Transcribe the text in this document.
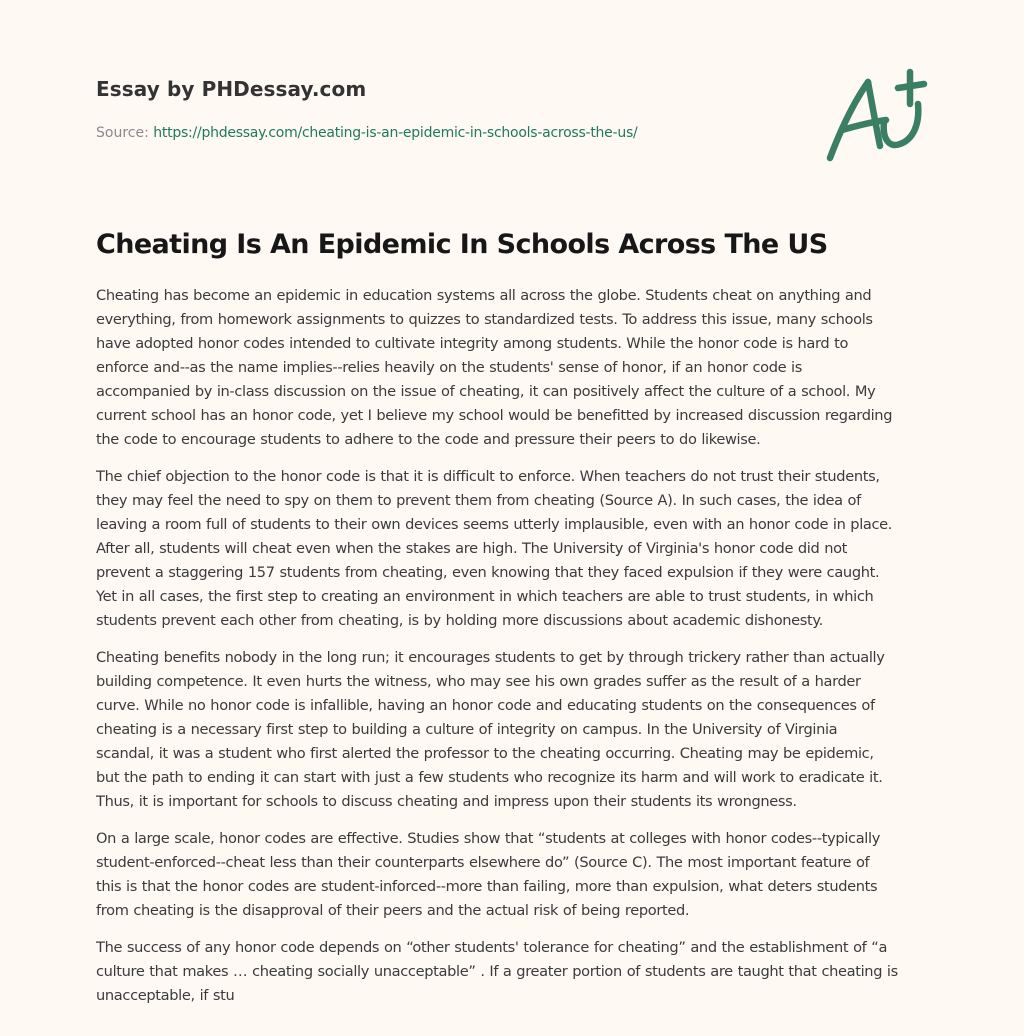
Essay by PHDessay.com
Source: https://phdessay.com/cheating-is-an-epidemic-in-schools-across-the-us/
Cheating Is An Epidemic In Schools Across The US

Cheating has become an epidemic in education systems all across the globe. Students cheat on anything and
everything, from homework assignments to quizzes to standardized tests. To address this issue, many schools
have adopted honor codes intended to cultivate integrity among students. While the honor code is hard to
enforce and--as the name implies--relies heavily on the students' sense of honor, if an honor code is
accompanied by in-class discussion on the issue of cheating, it can positively affect the culture of a school. My
current school has an honor code, yet I believe my school would be benefitted by increased discussion regarding
the code to encourage students to adhere to the code and pressure their peers to do likewise.

The chief objection to the honor code is that it is difficult to enforce. When teachers do not trust their students,
they may feel the need to spy on them to prevent them from cheating (Source A). In such cases, the idea of
leaving a room full of students to their own devices seems utterly implausible, even with an honor code in place.
After all, students will cheat even when the stakes are high. The University of Virginia's honor code did not
prevent a staggering 157 students from cheating, even knowing that they faced expulsion if they were caught.
Yet in all cases, the first step to creating an environment in which teachers are able to trust students, in which
students prevent each other from cheating, is by holding more discussions about academic dishonesty.

Cheating benefits nobody in the long run; it encourages students to get by through trickery rather than actually
building competence. It even hurts the witness, who may see his own grades suffer as the result of a harder
curve. While no honor code is infallible, having an honor code and educating students on the consequences of
cheating is a necessary first step to building a culture of integrity on campus. In the University of Virginia
scandal, it was a student who first alerted the professor to the cheating occurring. Cheating may be epidemic,
but the path to ending it can start with just a few students who recognize its harm and will work to eradicate it.
Thus, it is important for schools to discuss cheating and impress upon their students its wrongness.

On a large scale, honor codes are effective. Studies show that “students at colleges with honor codes--typically
student-enforced--cheat less than their counterparts elsewhere do” (Source C). The most important feature of
this is that the honor codes are student-inforced--more than failing, more than expulsion, what deters students
from cheating is the disapproval of their peers and the actual risk of being reported.

The success of any honor code depends on “other students' tolerance for cheating” and the establishment of “a
culture that makes … cheating socially unacceptable” . If a greater portion of students are taught that cheating is
unacceptable, if stu
